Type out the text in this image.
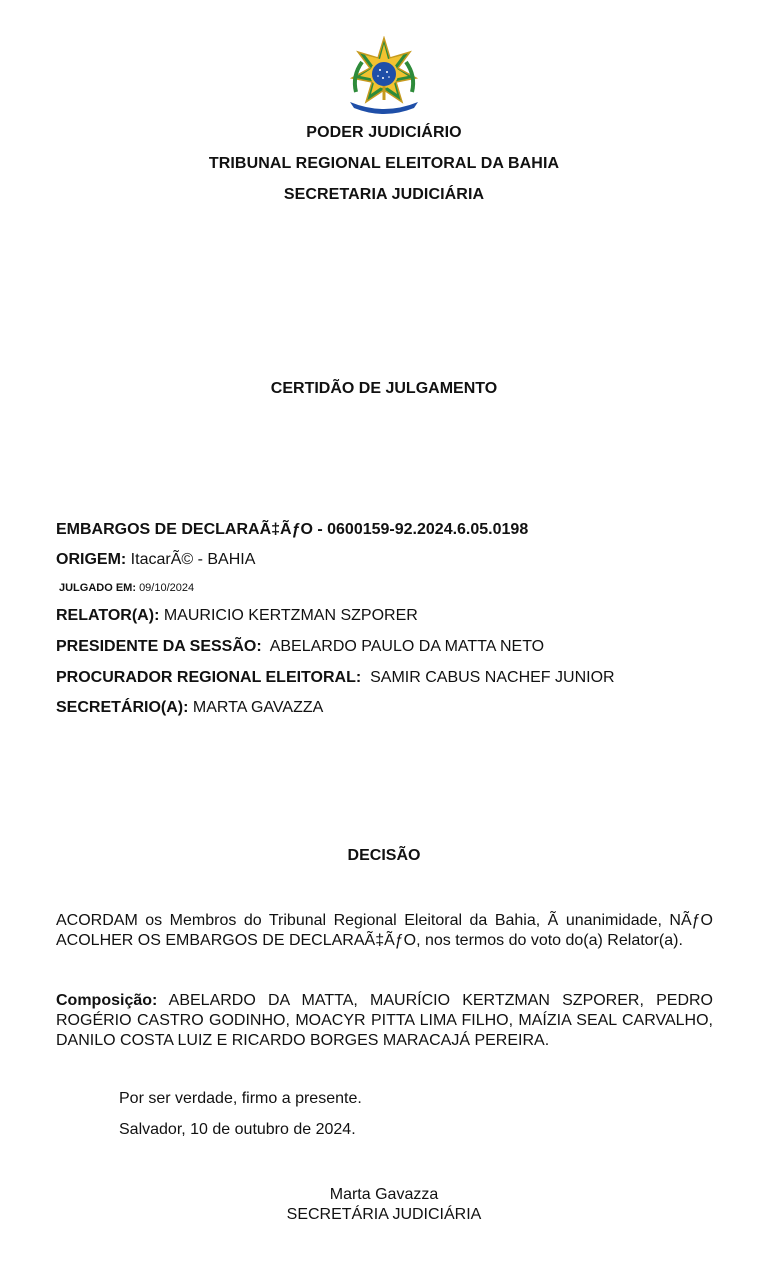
PODER JUDICIÁRIO
TRIBUNAL REGIONAL ELEITORAL DA BAHIA
SECRETARIA JUDICIÁRIA
CERTIDÃO DE JULGAMENTO
EMBARGOS DE DECLARAÃ‡ÃƒO - 0600159-92.2024.6.05.0198
ORIGEM: ItacarÃ© - BAHIA
JULGADO EM: 09/10/2024
RELATOR(A): MAURICIO KERTZMAN SZPORER
PRESIDENTE DA SESSÃO: ABELARDO PAULO DA MATTA NETO
PROCURADOR REGIONAL ELEITORAL: SAMIR CABUS NACHEF JUNIOR
SECRETÁRIO(A): MARTA GAVAZZA
DECISÃO
ACORDAM os Membros do Tribunal Regional Eleitoral da Bahia, Ã unanimidade, NÃƒO ACOLHER OS EMBARGOS DE DECLARAÃ‡ÃƒO, nos termos do voto do(a) Relator(a).
Composição: ABELARDO DA MATTA, MAURÍCIO KERTZMAN SZPORER, PEDRO ROGÉRIO CASTRO GODINHO, MOACYR PITTA LIMA FILHO, MAÍZIA SEAL CARVALHO, DANILO COSTA LUIZ E RICARDO BORGES MARACAJÁ PEREIRA.
Por ser verdade, firmo a presente.
Salvador, 10 de outubro de 2024.
Marta Gavazza
SECRETÁRIA JUDICIÁRIA
